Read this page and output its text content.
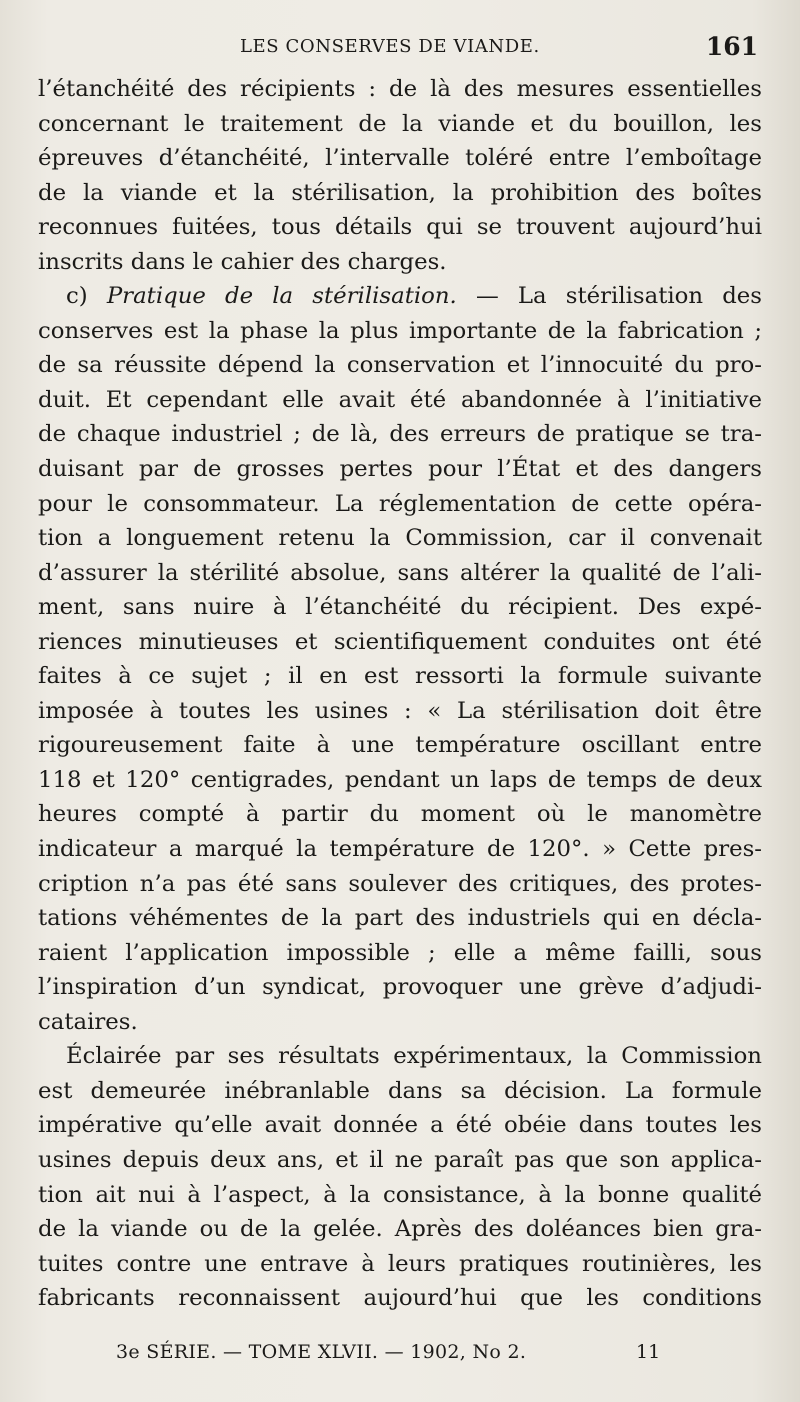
LES CONSERVES DE VIANDE.	161
l’étanchéité des récipients : de là des mesures essentielles
concernant le traitement de la viande et du bouillon, les
épreuves d’étanchéité, l’intervalle toléré entre l’emboîtage
de la viande et la stérilisation, la prohibition des boîtes
reconnues fuitées, tous détails qui se trouvent aujourd’hui
inscrits dans le cahier des charges.
c) Pratique de la stérilisation. — La stérilisation des
conserves est la phase la plus importante de la fabrication ;
de sa réussite dépend la conservation et l’innocuité du pro-
duit. Et cependant elle avait été abandonnée à l’initiative
de chaque industriel ; de là, des erreurs de pratique se tra-
duisant par de grosses pertes pour l’État et des dangers
pour le consommateur. La réglementation de cette opéra-
tion a longuement retenu la Commission, car il convenait
d’assurer la stérilité absolue, sans altérer la qualité de l’ali-
ment, sans nuire à l’étanchéité du récipient. Des expé-
riences minutieuses et scientifiquement conduites ont été
faites à ce sujet ; il en est ressorti la formule suivante
imposée à toutes les usines : « La stérilisation doit être
rigoureusement faite à une température oscillant entre
118 et 120° centigrades, pendant un laps de temps de deux
heures compté à partir du moment où le manomètre
indicateur a marqué la température de 120°. » Cette pres-
cription n’a pas été sans soulever des critiques, des protes-
tations véhémentes de la part des industriels qui en décla-
raient l’application impossible ; elle a même failli, sous
l’inspiration d’un syndicat, provoquer une grève d’adjudi-
cataires.
Éclairée par ses résultats expérimentaux, la Commission
est demeurée inébranlable dans sa décision. La formule
impérative qu’elle avait donnée a été obéie dans toutes les
usines depuis deux ans, et il ne paraît pas que son applica-
tion ait nui à l’aspect, à la consistance, à la bonne qualité
de la viande ou de la gelée. Après des doléances bien gra-
tuites contre une entrave à leurs pratiques routinières, les
fabricants reconnaissent aujourd’hui que les conditions
3e SÉRIE. — TOME XLVII. — 1902, No 2.	11
